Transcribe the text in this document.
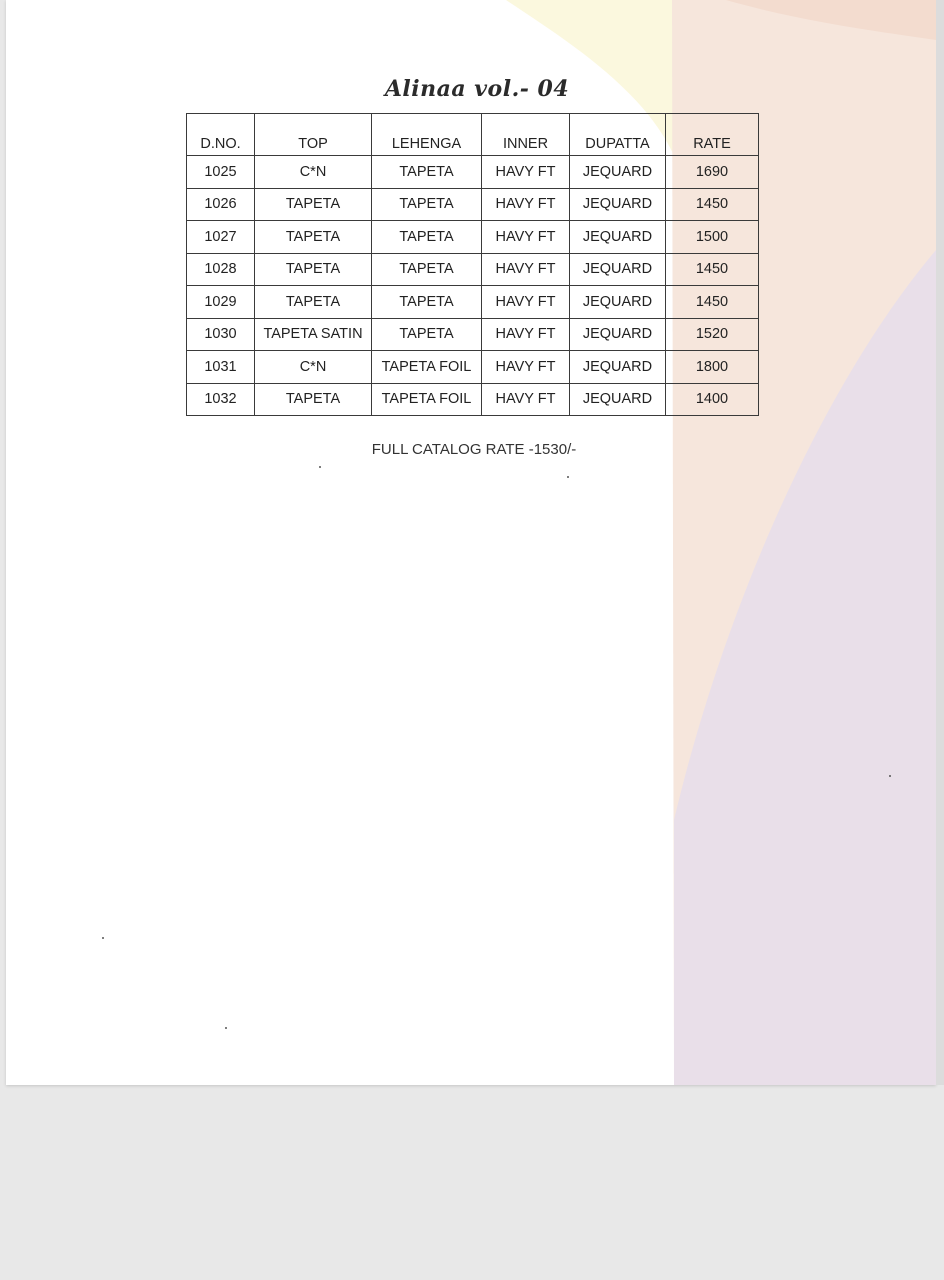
Alinaa vol.- 04
D.NO.	TOP	LEHENGA	INNER	DUPATTA	RATE
1025	C*N	TAPETA	HAVY FT	JEQUARD	1690
1026	TAPETA	TAPETA	HAVY FT	JEQUARD	1450
1027	TAPETA	TAPETA	HAVY FT	JEQUARD	1500
1028	TAPETA	TAPETA	HAVY FT	JEQUARD	1450
1029	TAPETA	TAPETA	HAVY FT	JEQUARD	1450
1030	TAPETA SATIN	TAPETA	HAVY FT	JEQUARD	1520
1031	C*N	TAPETA FOIL	HAVY FT	JEQUARD	1800
1032	TAPETA	TAPETA FOIL	HAVY FT	JEQUARD	1400
FULL CATALOG RATE -1530/-
